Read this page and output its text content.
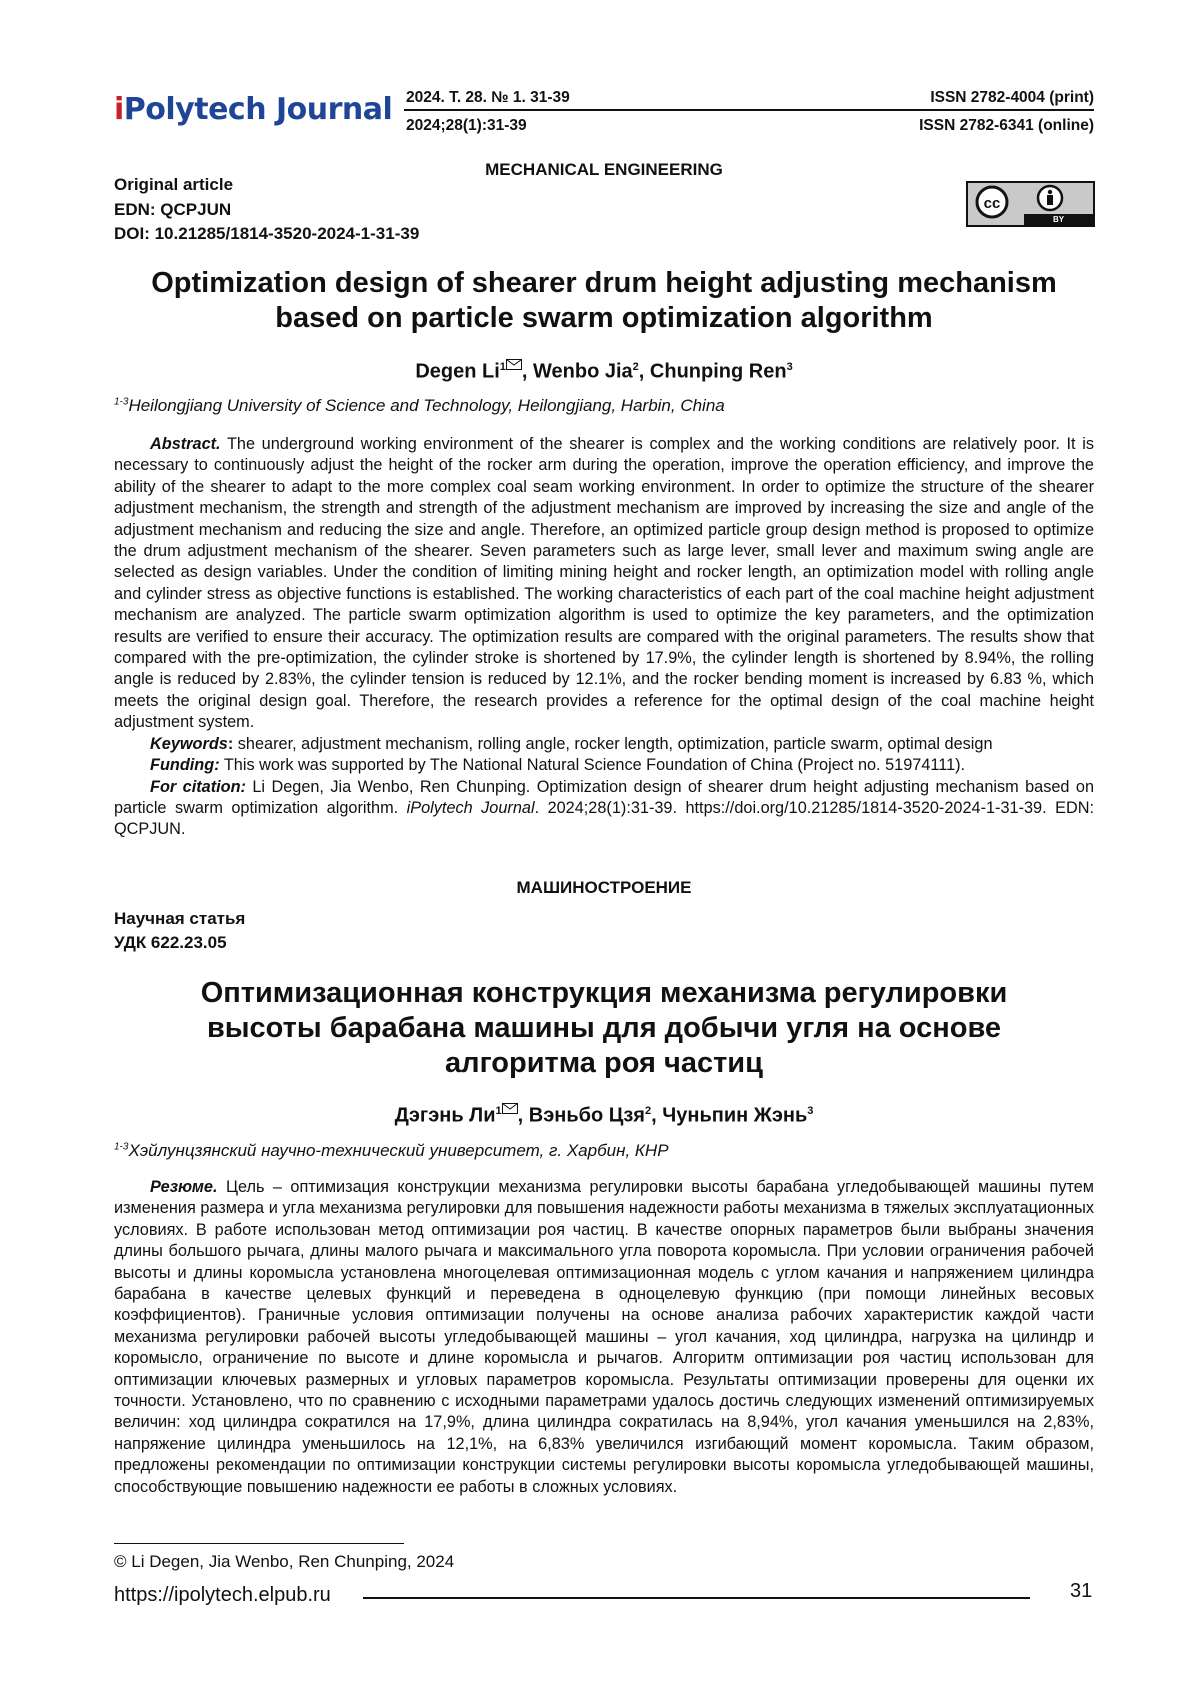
iPolytech Journal 2024. Т. 28. № 1. 31-39	ISSN 2782-4004 (print)
2024;28(1):31-39	ISSN 2782-6341 (online)
MECHANICAL ENGINEERING
Original article
EDN: QCPJUN
DOI: 10.21285/1814-3520-2024-1-31-39
cc
BY
Optimization design of shearer drum height adjusting mechanism
based on particle swarm optimization algorithm
Degen Li$^1$ , Wenbo Jia$^2$, Chunping Ren$^3$
$^{1-3}$Heilongjiang University of Science and Technology, Heilongjiang, Harbin, China

Abstract. The underground working environment of the shearer is complex and the working conditions are relatively poor. It is necessary to continuously adjust the height of the rocker arm during the operation, improve the operation efficiency, and improve the ability of the shearer to adapt to the more complex coal seam working environment. In order to optimize the structure of the shearer adjustment mechanism, the strength and strength of the adjustment mechanism are improved by increasing the size and angle of the adjustment mechanism and reducing the size and angle. Therefore, an optimized particle group design method is proposed to optimize the drum adjustment mechanism of the shearer. Seven parameters such as large lever, small lever and maximum swing angle are selected as design variables. Under the condition of limiting mining height and rocker length, an optimization model with rolling angle and cylinder stress as objective functions is established. The working characteristics of each part of the coal machine height adjustment mechanism are analyzed. The particle swarm optimization algorithm is used to optimize the key parameters, and the optimization results are verified to ensure their accuracy. The optimization results are compared with the original parameters. The results show that compared with the pre-optimization, the cylinder stroke is shortened by 17.9%, the cylinder length is shortened by 8.94%, the rolling angle is reduced by 2.83%, the cylinder tension is reduced by 12.1%, and the rocker bending moment is increased by 6.83 %, which meets the original design goal. Therefore, the research provides a reference for the optimal design of the coal machine height adjustment system.

Keywords: shearer, adjustment mechanism, rolling angle, rocker length, optimization, particle swarm, optimal design

Funding: This work was supported by The National Natural Science Foundation of China (Project no. 51974111).

For citation: Li Degen, Jia Wenbo, Ren Chunping. Optimization design of shearer drum height adjusting mechanism based on particle swarm optimization algorithm. iPolytech Journal. 2024;28(1):31-39. https://doi.org/10.21285/1814-3520-2024-1-31-39. EDN: QCPJUN.

МАШИНОСТРОЕНИЕ
Научная статья
УДК 622.23.05
Оптимизационная конструкция механизма регулировки
высоты барабана машины для добычи угля на основе
алгоритма роя частиц
Дэгэнь $Ли^1$ , Вэньбо Цзя$^2$, Чуньпин Жэнь$^3$
$^{1-3}$Хэйлунцзянский научно-технический университет, г. Харбин, КНР

Резюме. Цель – оптимизация конструкции механизма регулировки высоты барабана угледобывающей машины путем изменения размера и угла механизма регулировки для повышения надежности работы механизма в тяжелых эксплуатационных условиях. В работе использован метод оптимизации роя частиц. В качестве опорных параметров были выбраны значения длины большого рычага, длины малого рычага и максимального угла поворота коромысла. При условии ограничения рабочей высоты и длины коромысла установлена многоцелевая оптимизационная модель с углом качания и напряжением цилиндра барабана в качестве целевых функций и переведена в одноцелевую функцию (при помощи линейных весовых коэффициентов). Граничные условия оптимизации получены на основе анализа рабочих характеристик каждой части механизма регулировки рабочей высоты угледобывающей машины – угол качания, ход цилиндра, нагрузка на цилиндр и коромысло, ограничение по высоте и длине коромысла и рычагов. Алгоритм оптимизации роя частиц использован для оптимизации ключевых размерных и угловых параметров коромысла. Результаты оптимизации проверены для оценки их точности. Установлено, что по сравнению с исходными параметрами удалось достичь следующих изменений оптимизируемых величин: ход цилиндра сократился на 17,9%, длина цилиндра сократилась на 8,94%, угол качания уменьшился на 2,83%, напряжение цилиндра уменьшилось на 12,1%, на 6,83% увеличился изгибающий момент коромысла. Таким образом, предложены рекомендации по оптимизации конструкции системы регулировки высоты коромысла угледобывающей машины, способствующие повышению надежности ее работы в сложных условиях.

© Li Degen, Jia Wenbo, Ren Chunping, 2024
https://ipolytech.elpub.ru	31
